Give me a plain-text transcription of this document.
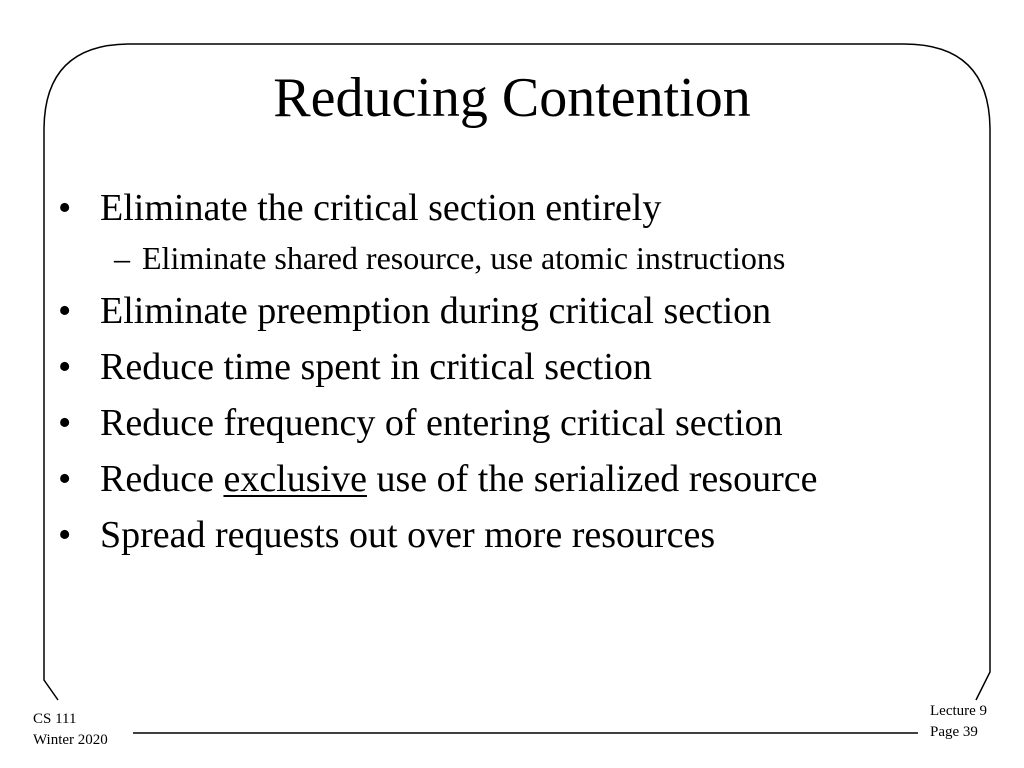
Reducing Contention
• Eliminate the critical section entirely
– Eliminate shared resource, use atomic instructions
• Eliminate preemption during critical section
• Reduce time spent in critical section
• Reduce frequency of entering critical section
• Reduce exclusive use of the serialized resource
• Spread requests out over more resources
CS 111
Winter 2020
Lecture 9
Page 39
